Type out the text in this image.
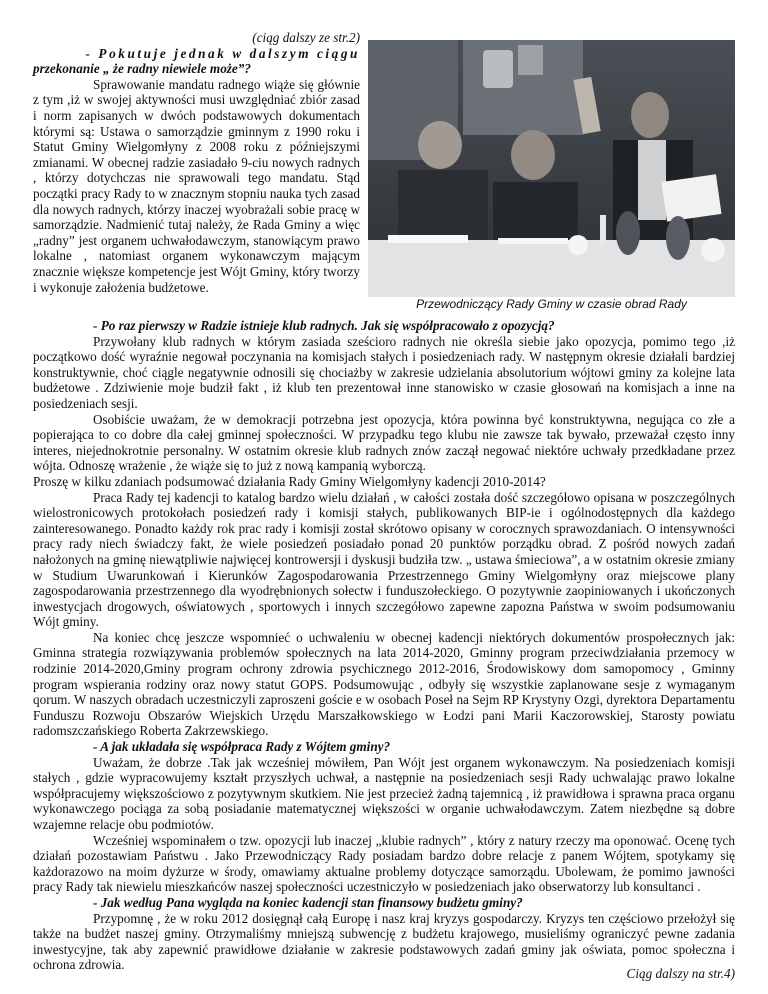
(ciąg dalszy ze str.2)

- Pokutuje jednak w dalszym ciągu

przekonanie „ że radny niewiele może”?

Sprawowanie mandatu radnego wiąże się głównie z tym ,iż w swojej aktywności musi uwzględniać zbiór zasad i norm zapisanych w dwóch podstawowych dokumentach którymi są: Ustawa o samorządzie gminnym z 1990 roku i Statut Gminy Wielgomłyny z 2008 roku z późniejszymi zmianami. W obecnej radzie zasiadało 9-ciu nowych radnych , którzy dotychczas nie sprawowali tego mandatu. Stąd początki pracy Rady to w znacznym stopniu nauka tych zasad dla nowych radnych, którzy inaczej wyobrażali sobie pracę w samorządzie. Nadmienić tutaj należy, że Rada Gminy a więc „radny” jest organem uchwałodawczym, stanowiącym prawo lokalne , natomiast organem wykonawczym mającym znacznie większe kompetencje jest Wójt Gminy, który tworzy i wykonuje założenia budżetowe.

Przewodniczący Rady Gminy w czasie obrad Rady

- Po raz pierwszy w Radzie istnieje klub radnych. Jak się współpracowało z opozycją?

Przywołany klub radnych w którym zasiada sześcioro radnych nie określa siebie jako opozycja, pomimo tego ,iż początkowo dość wyraźnie negował poczynania na komisjach stałych i posiedzeniach rady. W następnym okresie działali bardziej konstruktywnie, choć ciągle negatywnie odnosili się chociażby w zakresie udzielania absolutorium wójtowi gminy za kolejne lata budżetowe . Zdziwienie moje budził fakt , iż klub ten prezentował inne stanowisko w czasie głosowań na komisjach a inne na posiedzeniach sesji.

Osobiście uważam, że w demokracji potrzebna jest opozycja, która powinna być konstruktywna, negująca co złe a popierająca to co dobre dla całej gminnej społeczności. W przypadku tego klubu nie zawsze tak bywało, przeważał często inny interes, niejednokrotnie personalny. W ostatnim okresie klub radnych znów zaczął negować niektóre uchwały przedkładane przez wójta. Odnoszę wrażenie , że wiąże się to już z nową kampanią wyborczą.

Proszę w kilku zdaniach podsumować działania Rady Gminy Wielgomłyny kadencji 2010-2014?

Praca Rady tej kadencji to katalog bardzo wielu działań , w całości została dość szczegółowo opisana w poszczególnych wielostronicowych protokołach posiedzeń rady i komisji stałych, publikowanych BIP-ie i ogólnodostępnych dla każdego zainteresowanego. Ponadto każdy rok prac rady i komisji został skrótowo opisany w corocznych sprawozdaniach. O intensywności pracy rady niech świadczy fakt, że wiele posiedzeń posiadało ponad 20 punktów porządku obrad. Z pośród nowych zadań nałożonych na gminę niewątpliwie najwięcej kontrowersji i dyskusji budziła tzw. „ ustawa śmieciowa”, a w ostatnim okresie zmiany w Studium Uwarunkowań i Kierunków Zagospodarowania Przestrzennego Gminy Wielgomłyny oraz miejscowe plany zagospodarowania przestrzennego dla wyodrębnionych sołectw i funduszołeckiego. O pozytywnie zaopiniowanych i ukończonych inwestycjach drogowych, oświatowych , sportowych i innych szczegółowo zapewne zapozna Państwa w swoim podsumowaniu Wójt gminy.

Na koniec chcę jeszcze wspomnieć o uchwaleniu w obecnej kadencji niektórych dokumentów prospołecznych jak: Gminna strategia rozwiązywania problemów społecznych na lata 2014-2020, Gminny program przeciwdziałania przemocy w rodzinie 2014-2020,Gminy program ochrony zdrowia psychicznego 2012-2016, Środowiskowy dom samopomocy , Gminny program wspierania rodziny oraz nowy statut GOPS. Podsumowując , odbyły się wszystkie zaplanowane sesje z wymaganym qorum. W naszych obradach uczestniczyli zaproszeni goście e w osobach Poseł na Sejm RP Krystyny Ozgi, dyrektora Departamentu Funduszu Rozwoju Obszarów Wiejskich Urzędu Marszałkowskiego w Łodzi pani Marii Kaczorowskiej, Starosty powiatu radomszczańskiego Roberta Zakrzewskiego.

- A jak układała się współpraca Rady z Wójtem gminy?

Uważam, że dobrze .Tak jak wcześniej mówiłem, Pan Wójt jest organem wykonawczym. Na posiedzeniach komisji stałych , gdzie wypracowujemy kształt przyszłych uchwał, a następnie na posiedzeniach sesji Rady uchwalając prawo lokalne współpracujemy większościowo z pozytywnym skutkiem. Nie jest przecież żadną tajemnicą , iż prawidłowa i sprawna praca organu wykonawczego pociąga za sobą posiadanie matematycznej większości w organie uchwałodawczym. Zatem niezbędne są dobre wzajemne relacje obu podmiotów.

Wcześniej wspominałem o tzw. opozycji lub inaczej „klubie radnych” , który z natury rzeczy ma oponować. Ocenę tych działań pozostawiam Państwu . Jako Przewodniczący Rady posiadam bardzo dobre relacje z panem Wójtem, spotykamy się każdorazowo na moim dyżurze w środy, omawiamy aktualne problemy dotyczące samorządu. Ubolewam, że pomimo jawności pracy Rady tak niewielu mieszkańców naszej społeczności uczestniczyło w posiedzeniach jako obserwatorzy lub konsultanci .

- Jak według Pana wygląda na koniec kadencji stan finansowy budżetu gminy?

Przypomnę , że w roku 2012 dosięgnął całą Europę i nasz kraj kryzys gospodarczy. Kryzys ten częściowo przełożył się także na budżet naszej gminy. Otrzymaliśmy mniejszą subwencję z budżetu krajowego, musieliśmy ograniczyć pewne zadania inwestycyjne, tak aby zapewnić prawidłowe działanie w zakresie podstawowych zadań gminy jak oświata, pomoc społeczna i ochrona zdrowia.

Ciąg dalszy na str.4)
